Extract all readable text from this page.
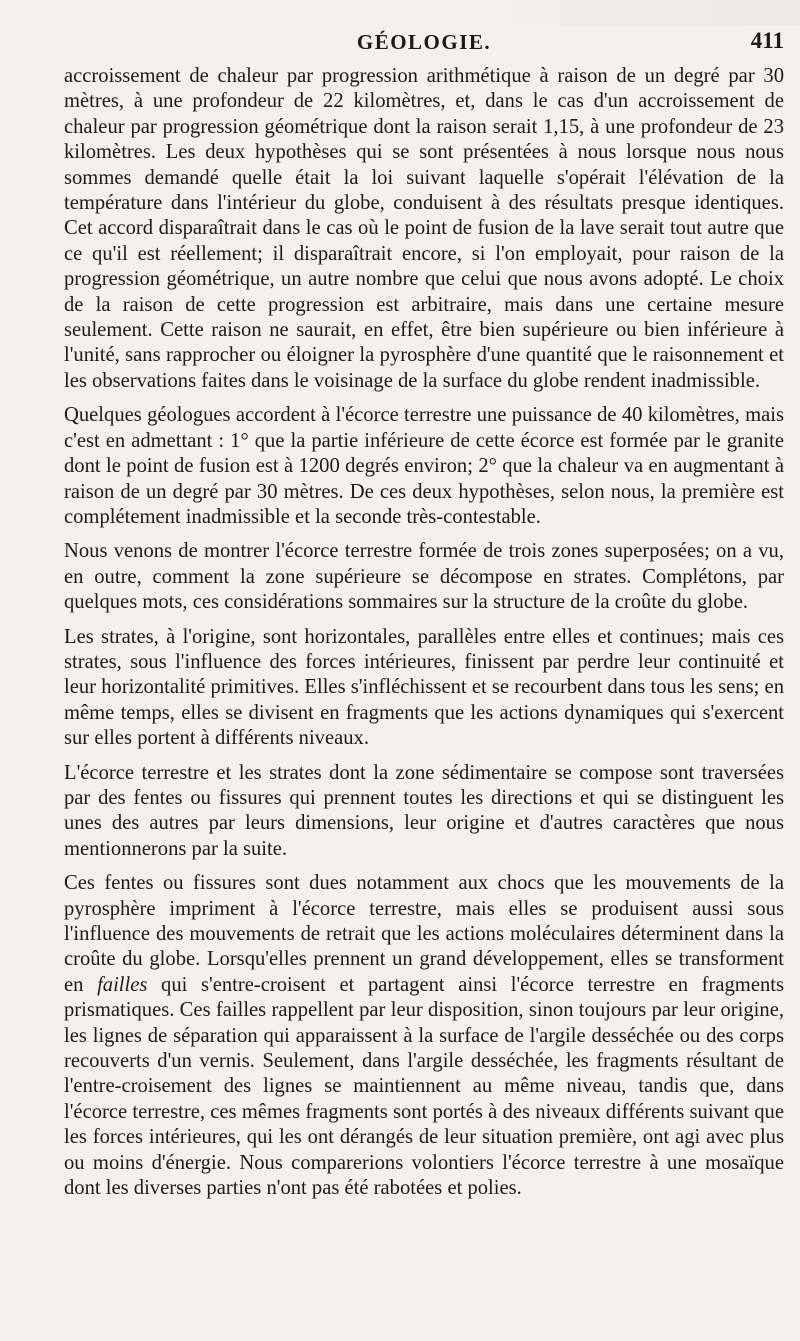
GÉOLOGIE.	411

accroissement de chaleur par progression arithmétique à raison de un degré par 30 mètres, à une profondeur de 22 kilomètres, et, dans le cas d'un accroissement de chaleur par progression géométrique dont la raison serait 1,15, à une profondeur de 23 kilomètres. Les deux hypothèses qui se sont présentées à nous lorsque nous nous sommes demandé quelle était la loi suivant laquelle s'opérait l'élévation de la température dans l'intérieur du globe, conduisent à des résultats presque identiques. Cet accord disparaîtrait dans le cas où le point de fusion de la lave serait tout autre que ce qu'il est réellement; il disparaîtrait encore, si l'on employait, pour raison de la progression géométrique, un autre nombre que celui que nous avons adopté. Le choix de la raison de cette progression est arbitraire, mais dans une certaine mesure seulement. Cette raison ne saurait, en effet, être bien supérieure ou bien inférieure à l'unité, sans rapprocher ou éloigner la pyrosphère d'une quantité que le raisonnement et les observations faites dans le voisinage de la surface du globe rendent inadmissible.

Quelques géologues accordent à l'écorce terrestre une puissance de 40 kilomètres, mais c'est en admettant : 1° que la partie inférieure de cette écorce est formée par le granite dont le point de fusion est à 1200 degrés environ; 2° que la chaleur va en augmentant à raison de un degré par 30 mètres. De ces deux hypothèses, selon nous, la première est complétement inadmissible et la seconde très-contestable.

Nous venons de montrer l'écorce terrestre formée de trois zones superposées; on a vu, en outre, comment la zone supérieure se décompose en strates. Complétons, par quelques mots, ces considérations sommaires sur la structure de la croûte du globe.

Les strates, à l'origine, sont horizontales, parallèles entre elles et continues; mais ces strates, sous l'influence des forces intérieures, finissent par perdre leur continuité et leur horizontalité primitives. Elles s'infléchissent et se recourbent dans tous les sens; en même temps, elles se divisent en fragments que les actions dynamiques qui s'exercent sur elles portent à différents niveaux.

L'écorce terrestre et les strates dont la zone sédimentaire se compose sont traversées par des fentes ou fissures qui prennent toutes les directions et qui se distinguent les unes des autres par leurs dimensions, leur origine et d'autres caractères que nous mentionnerons par la suite.

Ces fentes ou fissures sont dues notamment aux chocs que les mouvements de la pyrosphère impriment à l'écorce terrestre, mais elles se produisent aussi sous l'influence des mouvements de retrait que les actions moléculaires déterminent dans la croûte du globe. Lorsqu'elles prennent un grand développement, elles se transforment en failles qui s'entre-croisent et partagent ainsi l'écorce terrestre en fragments prismatiques. Ces failles rappellent par leur disposition, sinon toujours par leur origine, les lignes de séparation qui apparaissent à la surface de l'argile desséchée ou des corps recouverts d'un vernis. Seulement, dans l'argile desséchée, les fragments résultant de l'entre-croisement des lignes se maintiennent au même niveau, tandis que, dans l'écorce terrestre, ces mêmes fragments sont portés à des niveaux différents suivant que les forces intérieures, qui les ont dérangés de leur situation première, ont agi avec plus ou moins d'énergie. Nous comparerions volontiers l'écorce terrestre à une mosaïque dont les diverses parties n'ont pas été rabotées et polies.
